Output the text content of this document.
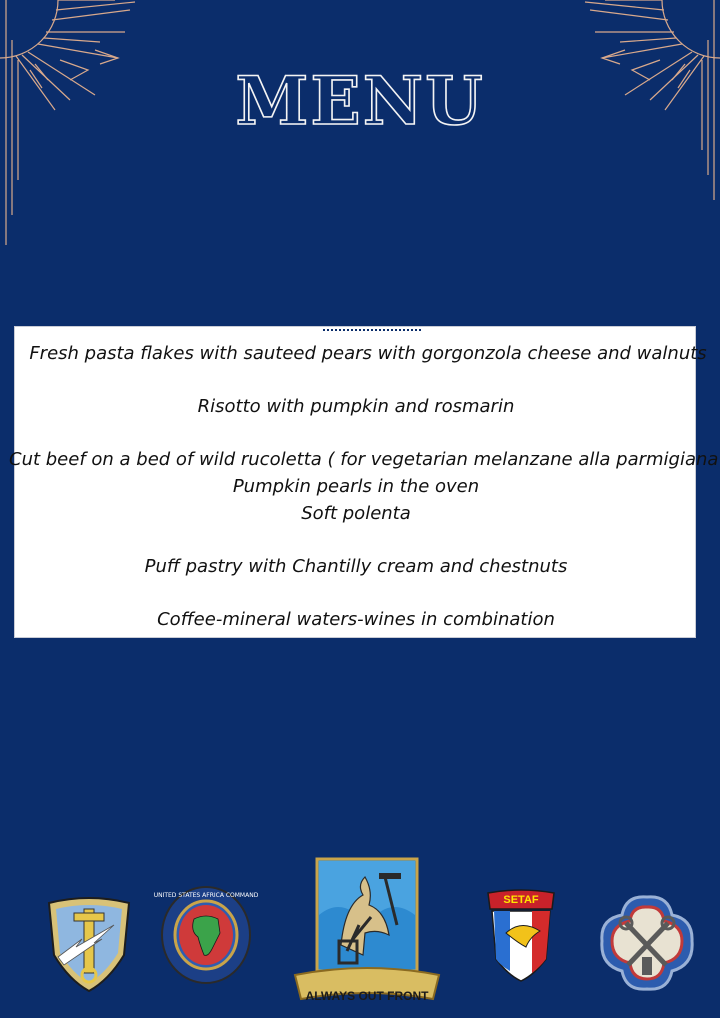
MENU
Fresh pasta flakes with sauteed pears with gorgonzola cheese and walnuts
Risotto with pumpkin and rosmarin
Cut beef on a bed of wild rucoletta ( for vegetarian melanzane alla parmigiana
Pumpkin pearls in the oven
Soft polenta
Puff pastry with Chantilly cream and chestnuts
Coffee-mineral waters-wines in combination
UNITED STATES AFRICA COMMAND
ALWAYS OUT FRONT
SETAF
